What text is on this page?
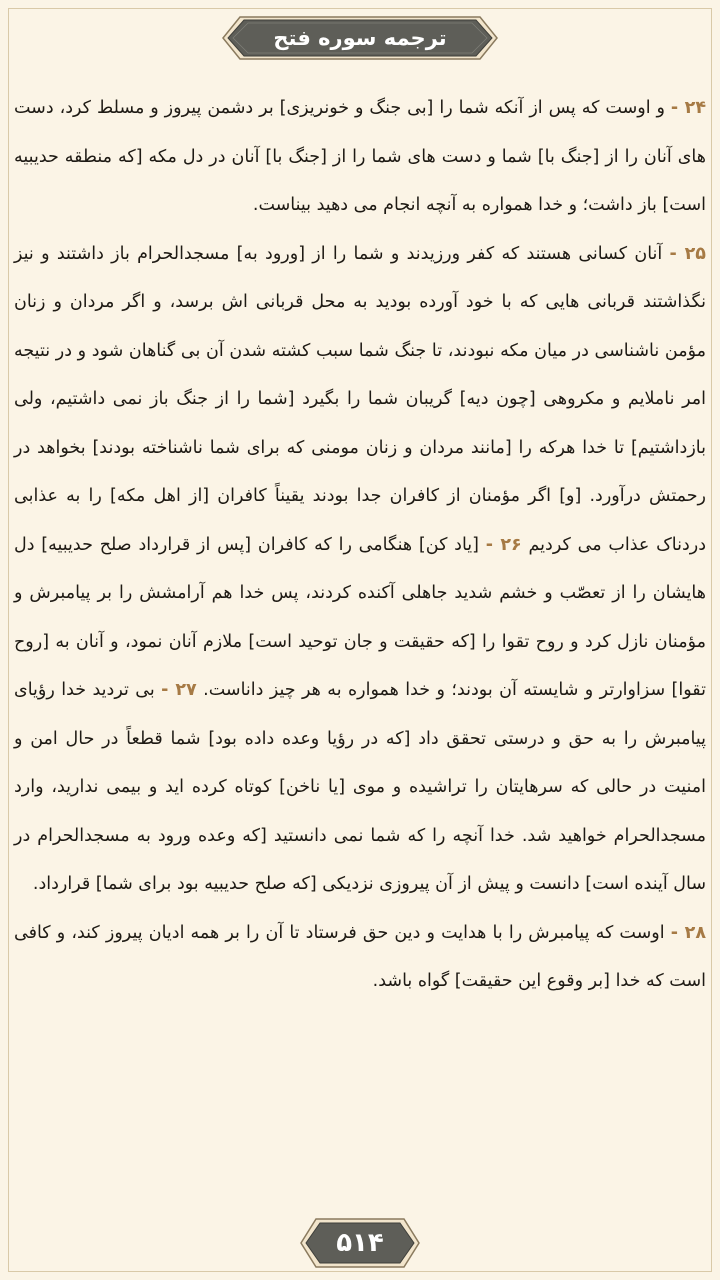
ترجمه سوره فتح
۲۴ - و اوست که پس از آنکه شما را [بی جنگ و خونریزی] بر دشمن پیروز و مسلط کرد، دست های آنان را از [جنگ با] شما و دست های شما را از [جنگ با] آنان در دل مکه [که منطقه حدیبیه است] باز داشت؛ و خدا همواره به آنچه انجام می دهید بیناست.
۲۵ - آنان کسانی هستند که کفر ورزیدند و شما را از [ورود به] مسجدالحرام باز داشتند و نیز نگذاشتند قربانی هایی که با خود آورده بودید به محل قربانی اش برسد، و اگر مردان و زنان مؤمن ناشناسی در میان مکه نبودند، تا جنگ شما سبب کشته شدن آن بی گناهان شود و در نتیجه امر ناملایم و مکروهی [چون دیه] گریبان شما را بگیرد [شما را از جنگ باز نمی داشتیم، ولی بازداشتیم] تا خدا هرکه را [مانند مردان و زنان مومنی که برای شما ناشناخته بودند] بخواهد در رحمتش درآورد. [و] اگر مؤمنان از کافران جدا بودند یقیناً کافران [از اهل مکه] را به عذابی دردناک عذاب می کردیم ۲۶ - [یاد کن] هنگامی را که کافران [پس از قرارداد صلح حدیبیه] دل هایشان را از تعصّب و خشم شدید جاهلی آکنده کردند، پس خدا هم آرامشش را بر پیامبرش و مؤمنان نازل کرد و روح تقوا را [که حقیقت و جان توحید است] ملازم آنان نمود، و آنان به [روح تقوا] سزاوارتر و شایسته آن بودند؛ و خدا همواره به هر چیز داناست. ۲۷ - بی تردید خدا رؤیای پیامبرش را به حق و درستی تحقق داد [که در رؤیا وعده داده بود] شما قطعاً در حال امن و امنیت در حالی که سرهایتان را تراشیده و موی [یا ناخن] کوتاه کرده اید و بیمی ندارید، وارد مسجدالحرام خواهید شد. خدا آنچه را که شما نمی دانستید [که وعده ورود به مسجدالحرام در سال آینده است] دانست و پیش از آن پیروزی نزدیکی [که صلح حدیبیه بود برای شما] قرارداد.
۲۸ - اوست که پیامبرش را با هدایت و دین حق فرستاد تا آن را بر همه ادیان پیروز کند، و کافی است که خدا [بر وقوع این حقیقت] گواه باشد.
۵۱۴
